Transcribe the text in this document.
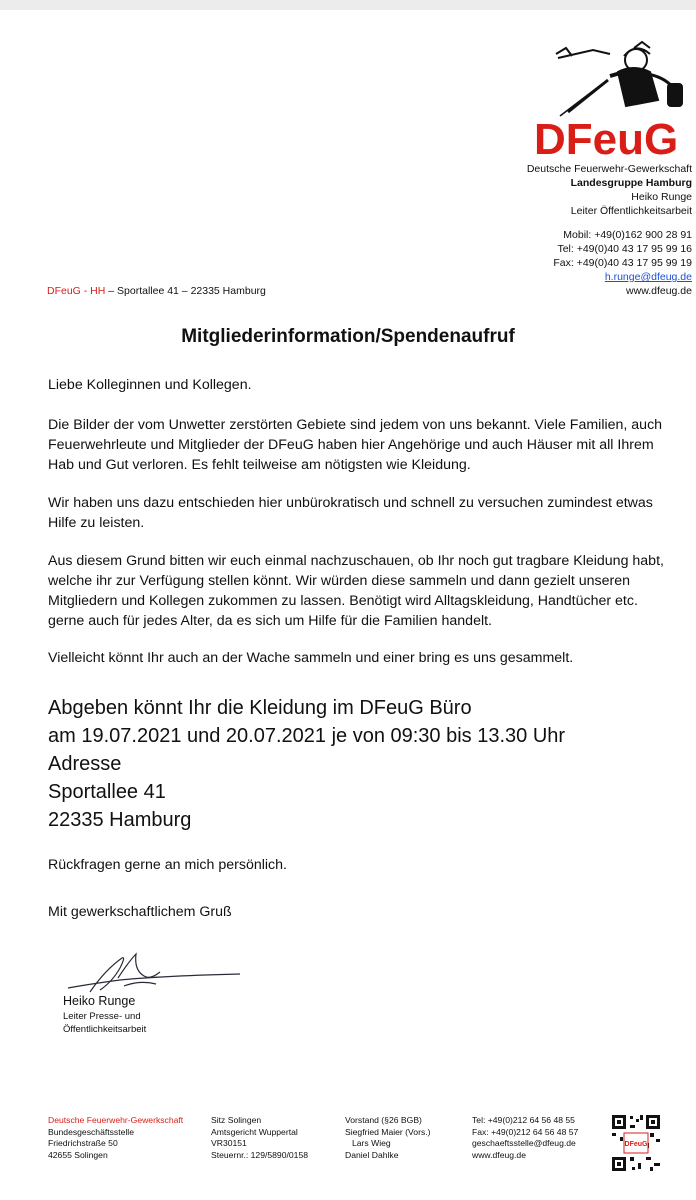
DFeuG
Deutsche Feuerwehr-Gewerkschaft
Landesgruppe Hamburg
Heiko Runge
Leiter Öffentlichkeitsarbeit
Mobil: +49(0)162 900 28 91
Tel: +49(0)40 43 17 95 99 16
Fax: +49(0)40 43 17 95 99 19
h.runge@dfeug.de
www.dfeug.de
DFeuG - HH – Sportallee 41 – 22335 Hamburg
Mitgliederinformation/Spendenaufruf
Liebe Kolleginnen und Kollegen.
Die Bilder der vom Unwetter zerstörten Gebiete sind jedem von uns bekannt. Viele Familien, auch Feuerwehrleute und Mitglieder der DFeuG haben hier Angehörige und auch Häuser mit all Ihrem Hab und Gut verloren. Es fehlt teilweise am nötigsten wie Kleidung.
Wir haben uns dazu entschieden hier unbürokratisch und schnell zu versuchen zumindest etwas Hilfe zu leisten.
Aus diesem Grund bitten wir euch einmal nachzuschauen, ob Ihr noch gut tragbare Kleidung habt, welche ihr zur Verfügung stellen könnt. Wir würden diese sammeln und dann gezielt unseren Mitgliedern und Kollegen zukommen zu lassen. Benötigt wird Alltagskleidung, Handtücher etc. gerne auch für jedes Alter, da es sich um Hilfe für die Familien handelt.
Vielleicht könnt Ihr auch an der Wache sammeln und einer bring es uns gesammelt.
Abgeben könnt Ihr die Kleidung im DFeuG Büro
am 19.07.2021 und 20.07.2021 je von 09:30 bis 13.30 Uhr
Adresse
Sportallee 41
22335 Hamburg
Rückfragen gerne an mich persönlich.
Mit gewerkschaftlichem Gruß
Heiko Runge
Leiter Presse- und
Öffentlichkeitsarbeit
Deutsche Feuerwehr-Gewerkschaft
Bundesgeschäftsstelle
Friedrichstraße 50
42655 Solingen
Sitz Solingen
Amtsgericht Wuppertal
VR30151
Steuernr.: 129/5890/0158
Vorstand (§26 BGB)
Siegfried Maier (Vors.)
Lars Wieg
Daniel Dahlke
Tel: +49(0)212 64 56 48 55
Fax: +49(0)212 64 56 48 57
geschaeftsstelle@dfeug.de
www.dfeug.de
DFeuG
